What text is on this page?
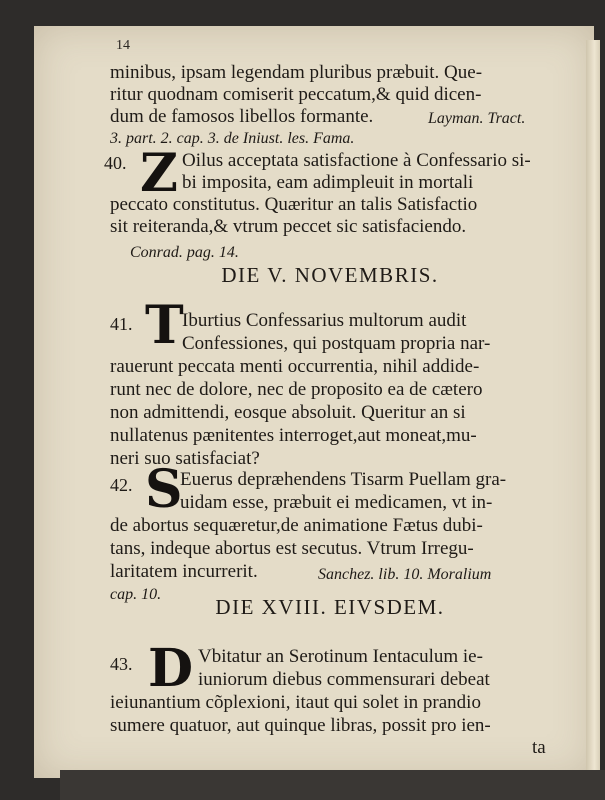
14
minibus, ipsam legendam pluribus præbuit. Que-
ritur quodnam comiserit peccatum,& quid dicen-
dum de famosos libellos formante.	Layman. Tract.
3. part. 2. cap. 3. de Iniust. les. Fama.
40. Z Oilus acceptata satisfactione à Confessario si-
bi imposita, eam adimpleuit in mortali
peccato constitutus. Quæritur an talis Satisfactio
sit reiteranda,& vtrum peccet sic satisfaciendo.
Conrad. pag. 14.
DIE V. NOVEMBRIS.
41. T
Iburtius Confessarius multorum audit
Confessiones, qui postquam propria nar-
rauerunt peccata menti occurrentia, nihil addide-
runt nec de dolore, nec de proposito ea de cætero
non admittendi, eosque absoluit. Queritur an si
nullatenus pænitentes interroget,aut moneat,mu-
neri suo satisfaciat?
42. S
Euerus depræhendens Tisarm Puellam gra-
uidam esse, præbuit ei medicamen, vt in-
de abortus sequæretur,de animatione Fætus dubi-
tans, indeque abortus est secutus. Vtrum Irregu-
laritatem incurrerit.	Sanchez. lib. 10. Moralium
cap. 10.
DIE XVIII. EIVSDEM.
43. D Vbitatur an Serotinum Ientaculum ie-
iuniorum diebus commensurari debeat
ieiunantium cõplexioni, itaut qui solet in prandio
sumere quatuor, aut quinque libras, possit pro ien-
ta
